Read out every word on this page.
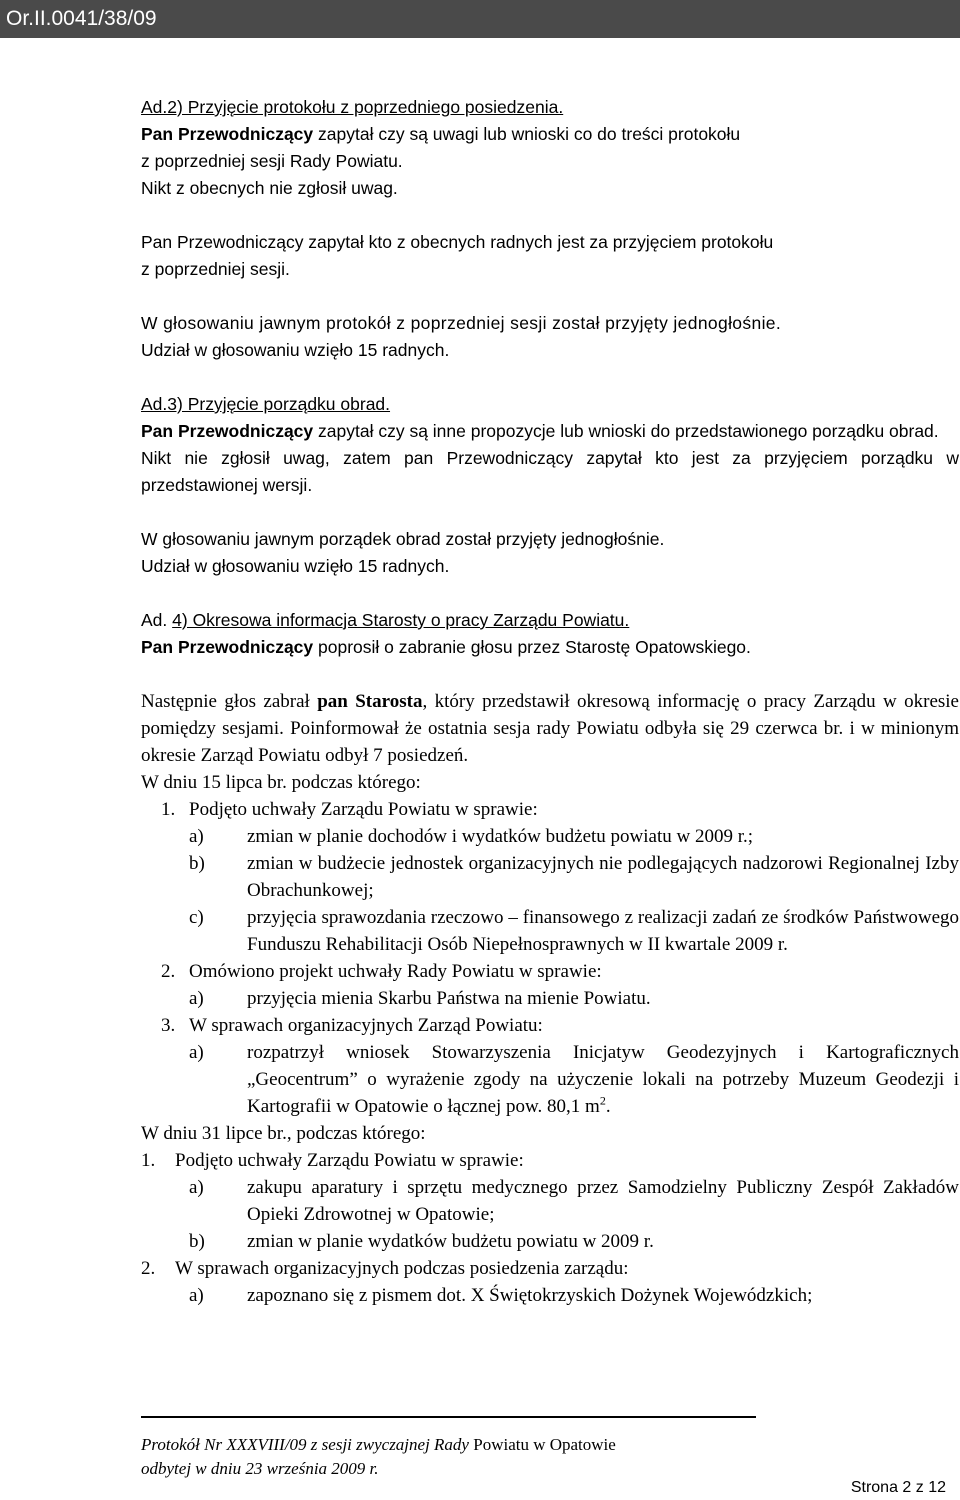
Or.II.0041/38/09
Ad.2) Przyjęcie protokołu z poprzedniego posiedzenia.
Pan Przewodniczący zapytał czy są uwagi lub wnioski co do treści protokołu
z poprzedniej sesji Rady Powiatu.
Nikt z obecnych nie zgłosił uwag.
Pan Przewodniczący zapytał kto z obecnych radnych jest za przyjęciem protokołu
z poprzedniej sesji.
W głosowaniu jawnym protokół z poprzedniej sesji został przyjęty jednogłośnie.
Udział w głosowaniu wzięło 15 radnych.
Ad.3) Przyjęcie porządku obrad.
Pan Przewodniczący zapytał czy są inne propozycje lub wnioski do przedstawionego porządku obrad.
Nikt nie zgłosił uwag, zatem pan Przewodniczący zapytał kto jest za przyjęciem porządku w przedstawionej wersji.
W głosowaniu jawnym porządek obrad został przyjęty jednogłośnie.
Udział w głosowaniu wzięło 15 radnych.
Ad. 4) Okresowa informacja Starosty o pracy Zarządu Powiatu.
Pan Przewodniczący poprosił o zabranie głosu przez Starostę Opatowskiego.
Następnie głos zabrał pan Starosta, który przedstawił okresową informację o pracy Zarządu w okresie pomiędzy sesjami. Poinformował że ostatnia sesja rady Powiatu odbyła się 29 czerwca br. i w minionym okresie Zarząd Powiatu odbył 7 posiedzeń.
W dniu 15 lipca br. podczas którego:
1. Podjęto uchwały Zarządu Powiatu w sprawie:
a)	zmian w planie dochodów i wydatków budżetu powiatu w 2009 r.;
b)	zmian w budżecie jednostek organizacyjnych nie podlegających nadzorowi Regionalnej Izby Obrachunkowej;
c)	przyjęcia sprawozdania rzeczowo – finansowego z realizacji zadań ze środków Państwowego Funduszu Rehabilitacji Osób Niepełnosprawnych w II kwartale 2009 r.
2. Omówiono projekt uchwały Rady Powiatu w sprawie:
a)	przyjęcia mienia Skarbu Państwa na mienie Powiatu.
3. W sprawach organizacyjnych Zarząd Powiatu:
a)	rozpatrzył wniosek Stowarzyszenia Inicjatyw Geodezyjnych i Kartograficznych „Geocentrum” o wyrażenie zgody na użyczenie lokali na potrzeby Muzeum Geodezji i Kartografii w Opatowie o łącznej pow. 80,1 $m^2$.
W dniu 31 lipce br., podczas którego:
1.	Podjęto uchwały Zarządu Powiatu w sprawie:
a)	zakupu aparatury i sprzętu medycznego przez Samodzielny Publiczny Zespół Zakładów Opieki Zdrowotnej w Opatowie;
b)	zmian w planie wydatków budżetu powiatu w 2009 r.
2.	W sprawach organizacyjnych podczas posiedzenia zarządu:
a)	zapoznano się z pismem dot. X Świętokrzyskich Dożynek Wojewódzkich;
Protokół Nr XXXVIII/09 z sesji zwyczajnej Rady Powiatu w Opatowie
odbytej w dniu 23 września 2009 r.
Strona 2 z 12
